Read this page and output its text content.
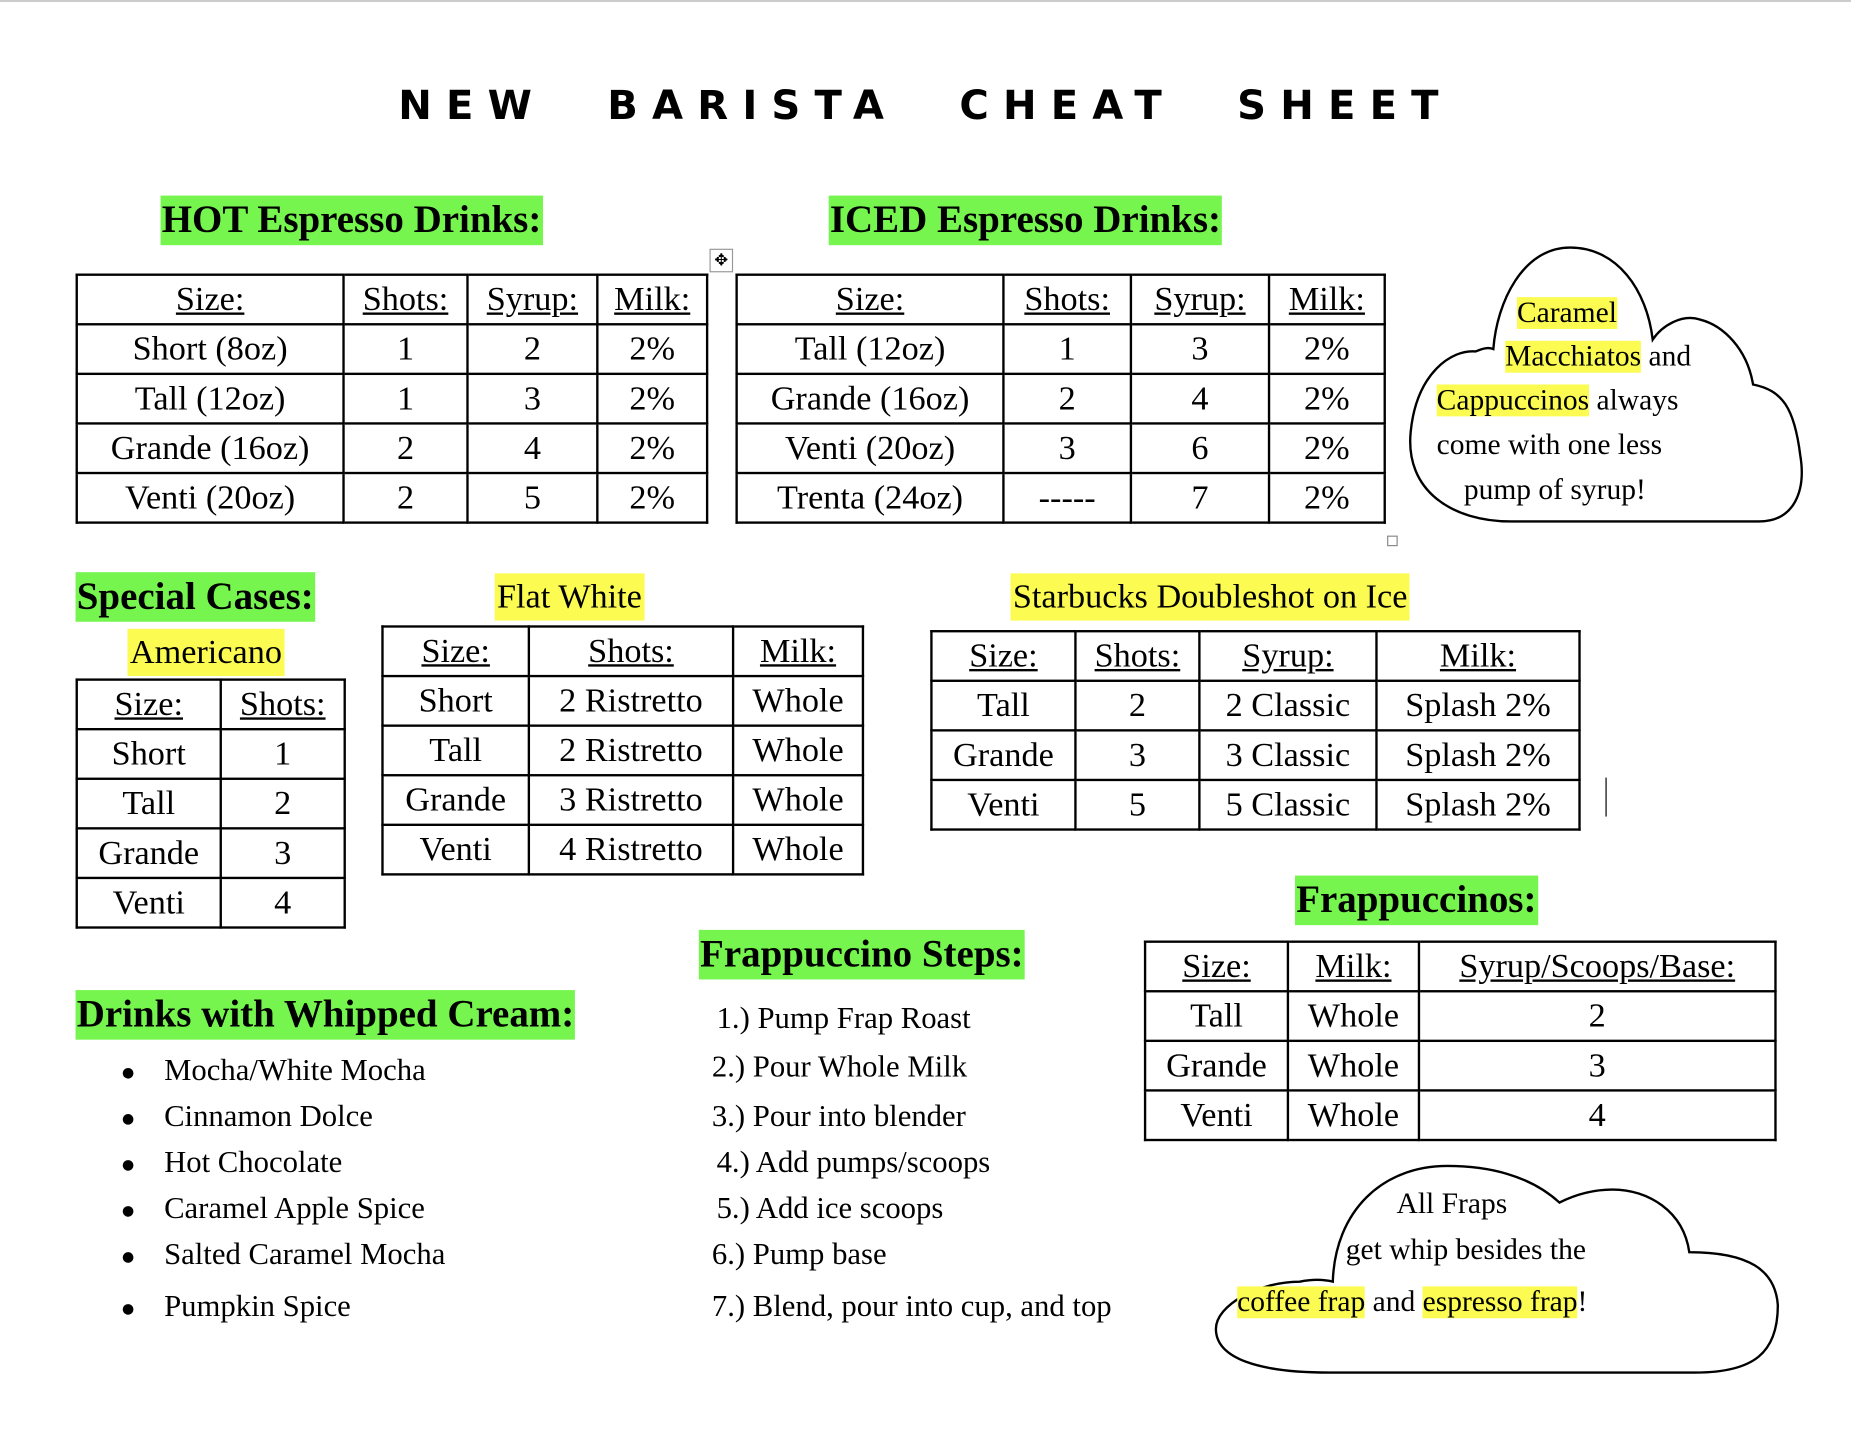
NEW BARISTA CHEAT SHEET
HOT Espresso Drinks:	ICED Espresso Drinks:
✥
Size:	Shots:	Syrup:	Milk:
Short (8oz)	1	2	2%
Tall (12oz)	1	3	2%
Grande (16oz)	2	4	2%
Venti (20oz)	2	5	2%
Size:	Shots:	Syrup:	Milk:
Tall (12oz)	1	3	2%
Grande (16oz)	2	4	2%
Venti (20oz)	3	6	2%
Trenta (24oz)	-----	7	2%
Caramel
Macchiatos and
Cappuccinos always
come with one less
pump of syrup!
Special Cases:
Americano
Size:	Shots:
Short	1
Tall	2
Grande	3
Venti	4
Flat White
Size:	Shots:	Milk:
Short	2 Ristretto	Whole
Tall	2 Ristretto	Whole
Grande	3 Ristretto	Whole
Venti	4 Ristretto	Whole
Starbucks Doubleshot on Ice
Size:	Shots:	Syrup:	Milk:
Tall	2	2 Classic	Splash 2%
Grande	3	3 Classic	Splash 2%
Venti	5	5 Classic	Splash 2%
Frappuccinos:
Size:	Milk:	Syrup/Scoops/Base:
Tall	Whole	2
Grande	Whole	3
Venti	Whole	4
Frappuccino Steps:
1.) Pump Frap Roast
2.) Pour Whole Milk
3.) Pour into blender
4.) Add pumps/scoops
5.) Add ice scoops
6.) Pump base
7.) Blend, pour into cup, and top
Drinks with Whipped Cream:
Mocha/White Mocha
Cinnamon Dolce
Hot Chocolate
Caramel Apple Spice
Salted Caramel Mocha
Pumpkin Spice
All Fraps
get whip besides the
coffee frap and espresso frap!
